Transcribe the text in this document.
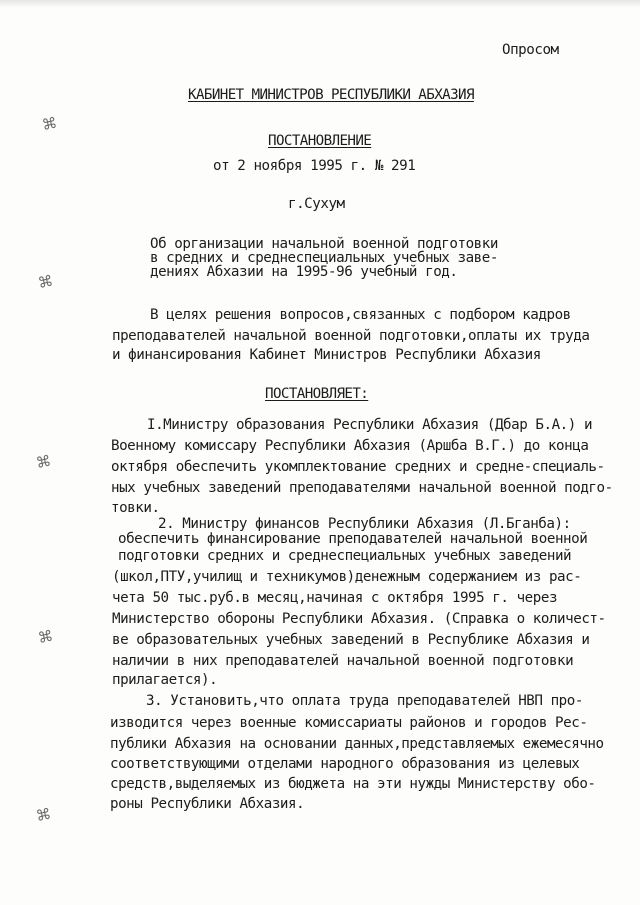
⌘
⌘
⌘
⌘
⌘
Опросом
КАБИНЕТ МИНИСТРОВ РЕСПУБЛИКИ АБХАЗИЯ
ПОСТАНОВЛЕНИЕ
от 2 ноября 1995 г. № 291
г.Сухум
Об организации начальной военной подготовки
в средних и среднеспециальных учебных заве-
дениях Абхазии на 1995-96 учебный год.
В целях решения вопросов,связанных с подбором кадров
преподавателей начальной военной подготовки,оплаты их труда
и финансирования Кабинет Министров Республики Абхазия
ПОСТАНОВЛЯЕТ:
I.Министру образования Республики Абхазия (Дбар Б.А.) и
Военному комиссару Республики Абхазия (Аршба В.Г.) до конца
октября обеспечить укомплектование средних и средне-специаль-
ных учебных заведений преподавателями начальной военной подго-
товки.
2. Министру финансов Республики Абхазия (Л.Бганба):
обеспечить финансирование преподавателей начальной военной
подготовки средних и среднеспециальных учебных заведений
(школ,ПТУ,училищ и техникумов)денежным содержанием из рас-
чета 50 тыс.руб.в месяц,начиная с октября 1995 г. через
Министерство обороны Республики Абхазия. (Справка о количест-
ве образовательных учебных заведений в Республике Абхазия и
наличии в них преподавателей начальной военной подготовки
прилагается).
3. Установить,что оплата труда преподавателей НВП про-
изводится через военные комиссариаты районов и городов Рес-
публики Абхазия на основании данных,представляемых ежемесячно
соответствующими отделами народного образования из целевых
средств,выделяемых из бюджета на эти нужды Министерству обо-
роны Республики Абхазия.
